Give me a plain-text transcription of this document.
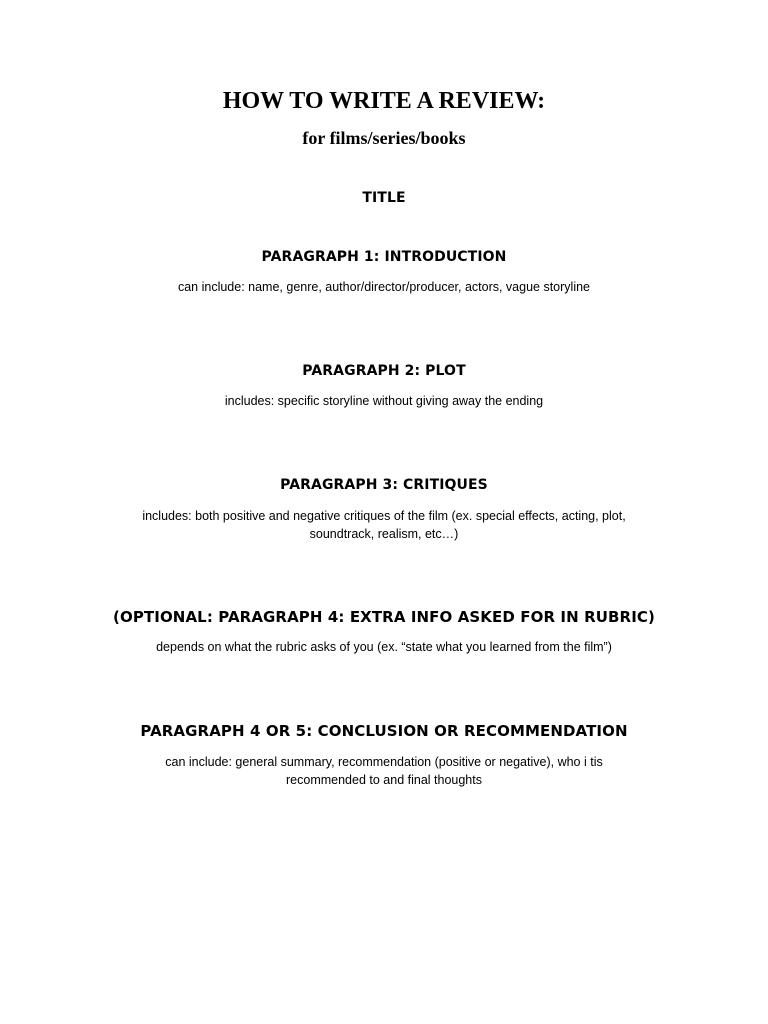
HOW TO WRITE A REVIEW:
for films/series/books
TITLE
PARAGRAPH 1: INTRODUCTION
can include: name, genre, author/director/producer, actors, vague storyline
PARAGRAPH 2: PLOT
includes: specific storyline without giving away the ending
PARAGRAPH 3: CRITIQUES
includes: both positive and negative critiques of the film (ex. special effects, acting, plot, soundtrack, realism, etc…)
(OPTIONAL: PARAGRAPH 4: EXTRA INFO ASKED FOR IN RUBRIC)
depends on what the rubric asks of you (ex. “state what you learned from the film”)
PARAGRAPH 4 OR 5: CONCLUSION OR RECOMMENDATION
can include: general summary, recommendation (positive or negative), who i tis recommended to and final thoughts
